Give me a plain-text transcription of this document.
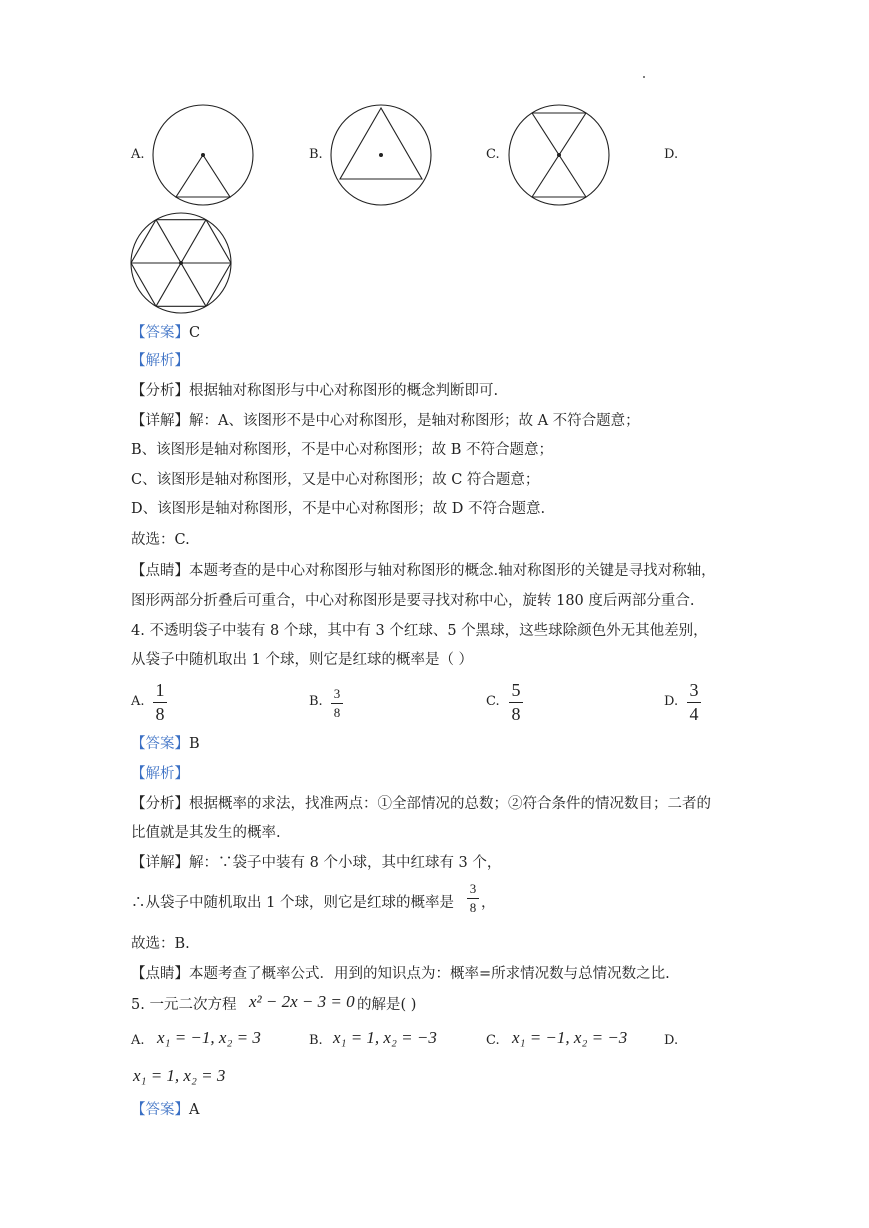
A.	B.	C.	D.
【答案】C
【解析】
【分析】根据轴对称图形与中心对称图形的概念判断即可.
【详解】解：A、该图形不是中心对称图形，是轴对称图形；故 A 不符合题意；
B、该图形是轴对称图形，不是中心对称图形；故 B 不符合题意；
C、该图形是轴对称图形，又是中心对称图形；故 C 符合题意；
D、该图形是轴对称图形，不是中心对称图形；故 D 不符合题意.
故选：C.
【点睛】本题考查的是中心对称图形与轴对称图形的概念.轴对称图形的关键是寻找对称轴，
图形两部分折叠后可重合，中心对称图形是要寻找对称中心，旋转 180 度后两部分重合.
4. 不透明袋子中装有 8 个球，其中有 3 个红球、5 个黑球，这些球除颜色外无其他差别，
从袋子中随机取出 1 个球，则它是红球的概率是（ ）
A.
1
8
B.
3
8
C.
5
8
D.
3
4
【答案】B
【解析】
【分析】根据概率的求法，找准两点：①全部情况的总数；②符合条件的情况数目；二者的
比值就是其发生的概率.
【详解】解：∵袋子中装有 8 个小球，其中红球有 3 个，
∴从袋子中随机取出 1 个球，则它是红球的概率是
3
8 ，
故选：B.
【点睛】本题考查了概率公式．用到的知识点为：概率=所求情况数与总情况数之比.
5. 一元二次方程 x² − 2x − 3 = 0 的解是( )
A. x₁ = −1, x₂ = 3	B. x₁ = 1, x₂ = −3	C. x₁ = −1, x₂ = −3	D.
x₁ = 1, x₂ = 3
【答案】A
